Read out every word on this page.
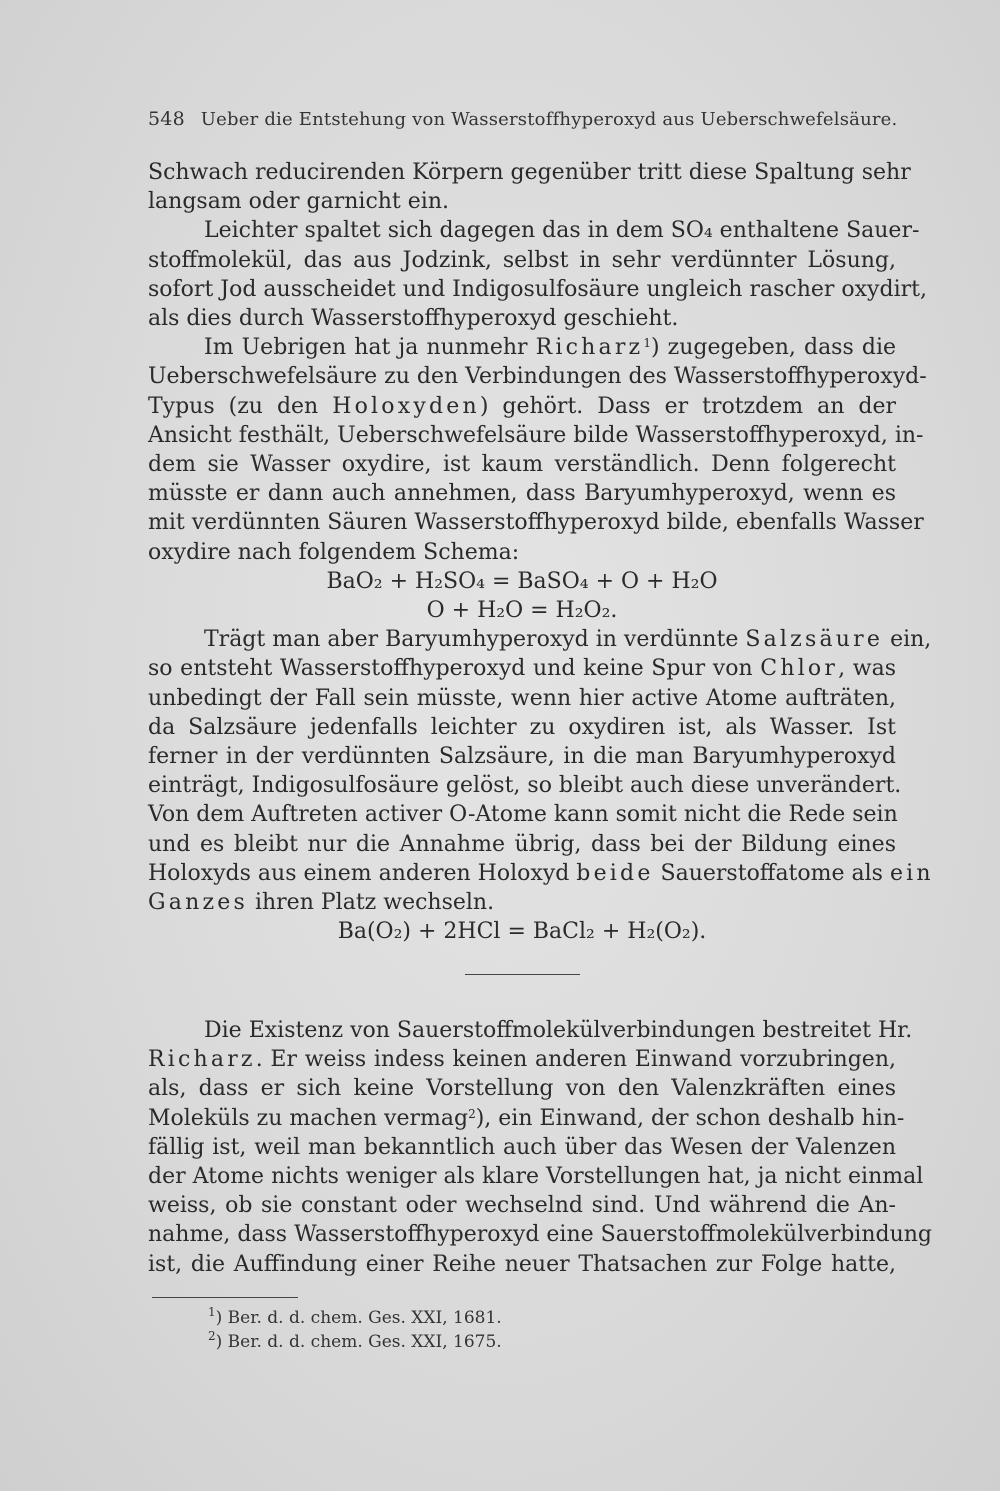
548 Ueber die Entstehung von Wasserstoffhyperoxyd aus Ueberschwefelsäure.
Schwach reducirenden Körpern gegenüber tritt diese Spaltung sehr
langsam oder garnicht ein.
Leichter spaltet sich dagegen das in dem SO₄ enthaltene Sauer-
stoffmolekül, das aus Jodzink, selbst in sehr verdünnter Lösung,
sofort Jod ausscheidet und Indigosulfosäure ungleich rascher oxydirt,
als dies durch Wasserstoffhyperoxyd geschieht.
Im Uebrigen hat ja nunmehr Richarz$^1$) zugegeben, dass die
Ueberschwefelsäure zu den Verbindungen des Wasserstoffhyperoxyd-
Typus (zu den Holoxyden) gehört. Dass er trotzdem an der
Ansicht festhält, Ueberschwefelsäure bilde Wasserstoffhyperoxyd, in-
dem sie Wasser oxydire, ist kaum verständlich. Denn folgerecht
müsste er dann auch annehmen, dass Baryumhyperoxyd, wenn es
mit verdünnten Säuren Wasserstoffhyperoxyd bilde, ebenfalls Wasser
oxydire nach folgendem Schema:
BaO₂ + H₂SO₄ = BaSO₄ + O + H₂O
O + H₂O = H₂O₂.
Trägt man aber Baryumhyperoxyd in verdünnte Salzsäure ein,
so entsteht Wasserstoffhyperoxyd und keine Spur von Chlor, was
unbedingt der Fall sein müsste, wenn hier active Atome aufträten,
da Salzsäure jedenfalls leichter zu oxydiren ist, als Wasser. Ist
ferner in der verdünnten Salzsäure, in die man Baryumhyperoxyd
einträgt, Indigosulfosäure gelöst, so bleibt auch diese unverändert.
Von dem Auftreten activer O-Atome kann somit nicht die Rede sein
und es bleibt nur die Annahme übrig, dass bei der Bildung eines
Holoxyds aus einem anderen Holoxyd beide Sauerstoffatome als ein
Ganzes ihren Platz wechseln.
Ba(O₂) + 2HCl = BaCl₂ + H₂(O₂).
Die Existenz von Sauerstoffmolekülverbindungen bestreitet Hr.
Richarz. Er weiss indess keinen anderen Einwand vorzubringen,
als, dass er sich keine Vorstellung von den Valenzkräften eines
Moleküls zu machen vermag$^2$), ein Einwand, der schon deshalb hin-
fällig ist, weil man bekanntlich auch über das Wesen der Valenzen
der Atome nichts weniger als klare Vorstellungen hat, ja nicht einmal
weiss, ob sie constant oder wechselnd sind. Und während die An-
nahme, dass Wasserstoffhyperoxyd eine Sauerstoffmolekülverbindung
ist, die Auffindung einer Reihe neuer Thatsachen zur Folge hatte,
$^1$) Ber. d. d. chem. Ges. XXI, 1681.
$^2$) Ber. d. d. chem. Ges. XXI, 1675.
